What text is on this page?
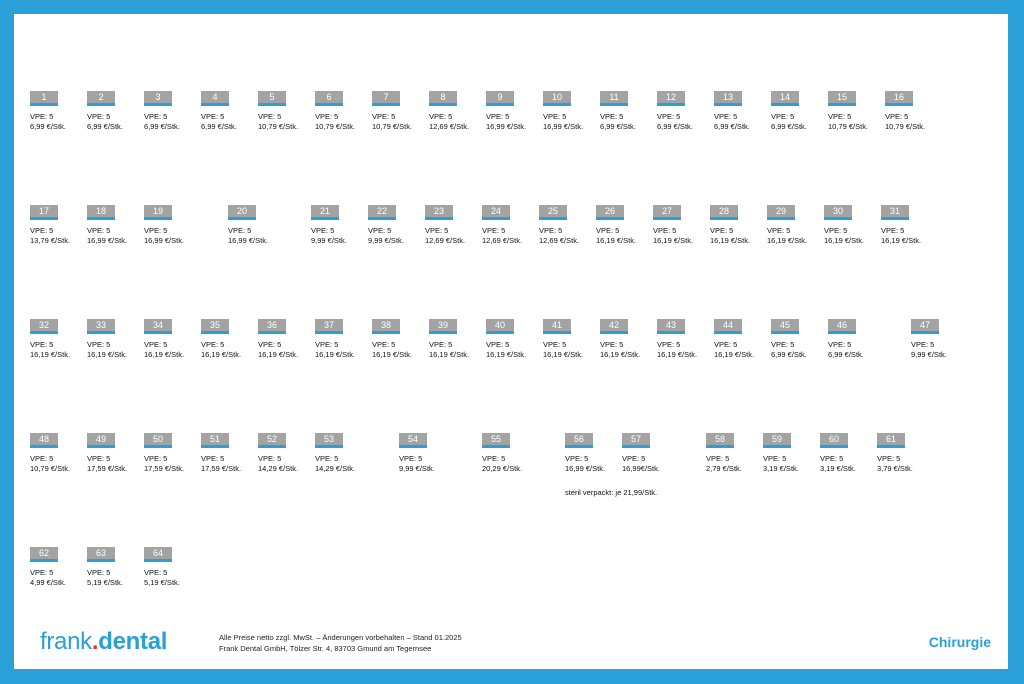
1
VPE: 5
6,99 €/Stk.
2
VPE: 5
6,99 €/Stk.
3
VPE: 5
6,99 €/Stk.
4
VPE: 5
6,99 €/Stk.
5
VPE: 5
10,79 €/Stk.
6
VPE: 5
10,79 €/Stk.
7
VPE: 5
10,79 €/Stk.
8
VPE: 5
12,69 €/Stk.
9
VPE: 5
16,99 €/Stk.
10
VPE: 5
16,99 €/Stk.
11
VPE: 5
6,99 €/Stk.
12
VPE: 5
6,99 €/Stk.
13
VPE: 5
6,99 €/Stk.
14
VPE: 5
6,99 €/Stk.
15
VPE: 5
10,79 €/Stk.
16
VPE: 5
10,79 €/Stk.
17
VPE: 5
13,79 €/Stk.
18
VPE: 5
16,99 €/Stk.
19
VPE: 5
16,99 €/Stk.
20
VPE: 5
16,99 €/Stk.
21
VPE: 5
9,99 €/Stk.
22
VPE: 5
9,99 €/Stk.
23
VPE: 5
12,69 €/Stk.
24
VPE: 5
12,69 €/Stk.
25
VPE: 5
12,69 €/Stk.
26
VPE: 5
16,19 €/Stk.
27
VPE: 5
16,19 €/Stk.
28
VPE: 5
16,19 €/Stk.
29
VPE: 5
16,19 €/Stk.
30
VPE: 5
16,19 €/Stk.
31
VPE: 5
16,19 €/Stk.
32
VPE: 5
16,19 €/Stk.
33
VPE: 5
16,19 €/Stk.
34
VPE: 5
16,19 €/Stk.
35
VPE: 5
16,19 €/Stk.
36
VPE: 5
16,19 €/Stk.
37
VPE: 5
16,19 €/Stk.
38
VPE: 5
16,19 €/Stk.
39
VPE: 5
16,19 €/Stk.
40
VPE: 5
16,19 €/Stk.
41
VPE: 5
16,19 €/Stk.
42
VPE: 5
16,19 €/Stk.
43
VPE: 5
16,19 €/Stk.
44
VPE: 5
16,19 €/Stk.
45
VPE: 5
6,99 €/Stk.
46
VPE: 5
6,99 €/Stk.
47
VPE: 5
9,99 €/Stk.
48
VPE: 5
10,79 €/Stk.
49
VPE: 5
17,59 €/Stk.
50
VPE: 5
17,59 €/Stk.
51
VPE: 5
17,59 €/Stk.
52
VPE: 5
14,29 €/Stk.
53
VPE: 5
14,29 €/Stk.
54
VPE: 5
9,99 €/Stk.
55
VPE: 5
20,29 €/Stk.
56
VPE: 5
16,99 €/Stk.
57
VPE: 5
16,99€/Stk.
58
VPE: 5
2,79 €/Stk.
59
VPE: 5
3,19 €/Stk.
60
VPE: 5
3,19 €/Stk.
61
VPE: 5
3,79 €/Stk.
62
VPE: 5
4,99 €/Stk.
63
VPE: 5
5,19 €/Stk.
64
VPE: 5
5,19 €/Stk.
steril verpackt: je 21,99/Stk.
frank.dental	Alle Preise netto zzgl. MwSt. – Änderungen vorbehalten – Stand 01.2025
Frank Dental GmbH, Tölzer Str. 4, 83703 Gmund am Tegernsee	Chirurgie
